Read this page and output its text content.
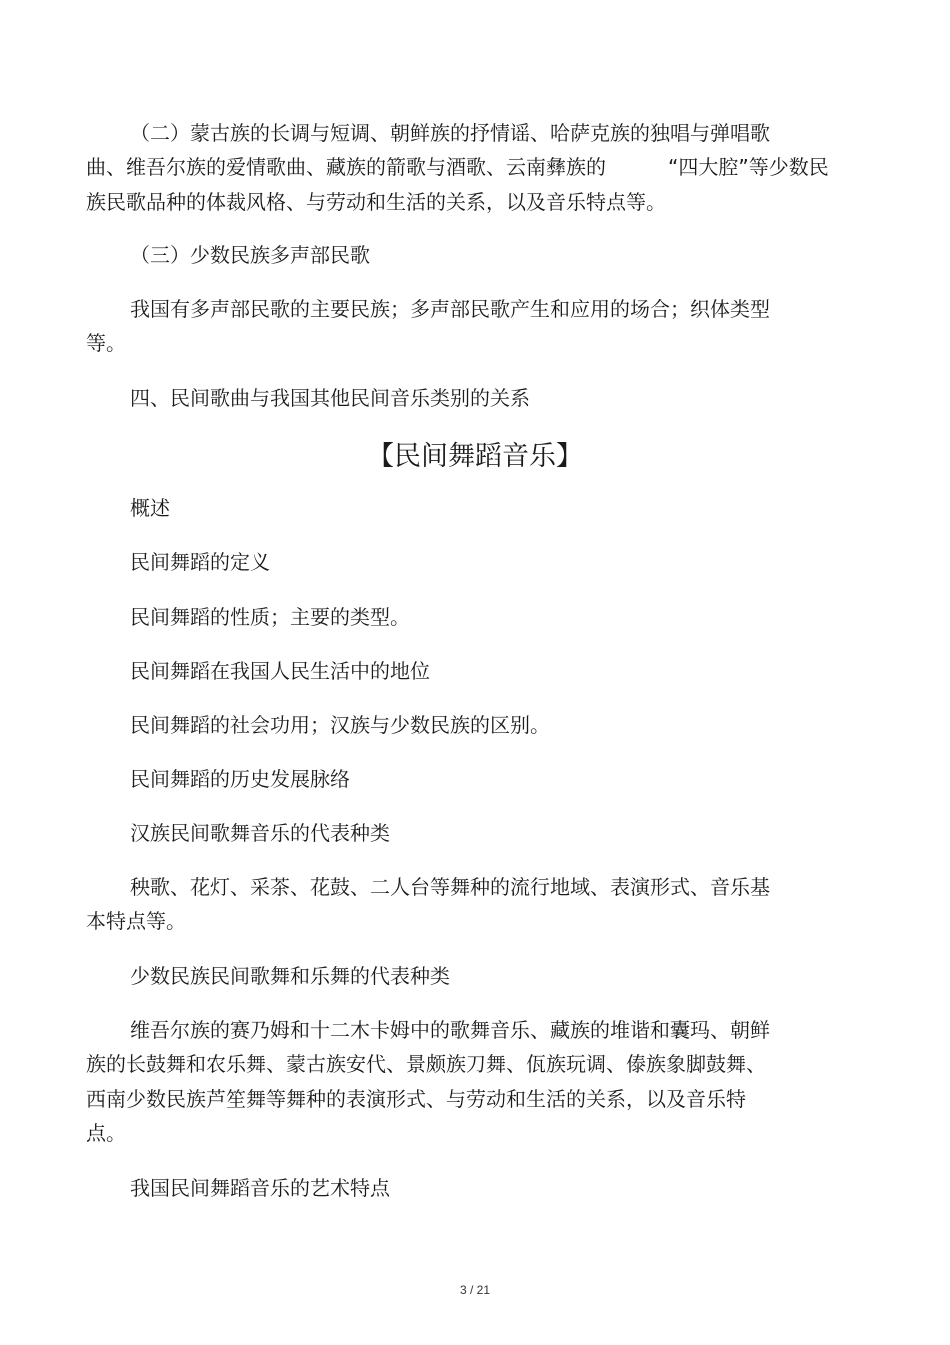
（二）蒙古族的长调与短调、朝鲜族的抒情谣、哈萨克族的独唱与弹唱歌
曲、维吾尔族的爱情歌曲、藏族的箭歌与酒歌、云南彝族的	“四大腔”等少数民
族民歌品种的体裁风格、与劳动和生活的关系，以及音乐特点等。
（三）少数民族多声部民歌
我国有多声部民歌的主要民族；多声部民歌产生和应用的场合；织体类型
等。
四、民间歌曲与我国其他民间音乐类别的关系
【民间舞蹈音乐】
概述
民间舞蹈的定义
民间舞蹈的性质；主要的类型。
民间舞蹈在我国人民生活中的地位
民间舞蹈的社会功用；汉族与少数民族的区别。
民间舞蹈的历史发展脉络
汉族民间歌舞音乐的代表种类
秧歌、花灯、采茶、花鼓、二人台等舞种的流行地域、表演形式、音乐基
本特点等。
少数民族民间歌舞和乐舞的代表种类
维吾尔族的赛乃姆和十二木卡姆中的歌舞音乐、藏族的堆谐和囊玛、朝鲜
族的长鼓舞和农乐舞、蒙古族安代、景颇族刀舞、佤族玩调、傣族象脚鼓舞、
西南少数民族芦笙舞等舞种的表演形式、与劳动和生活的关系，以及音乐特
点。
我国民间舞蹈音乐的艺术特点
3 / 21
